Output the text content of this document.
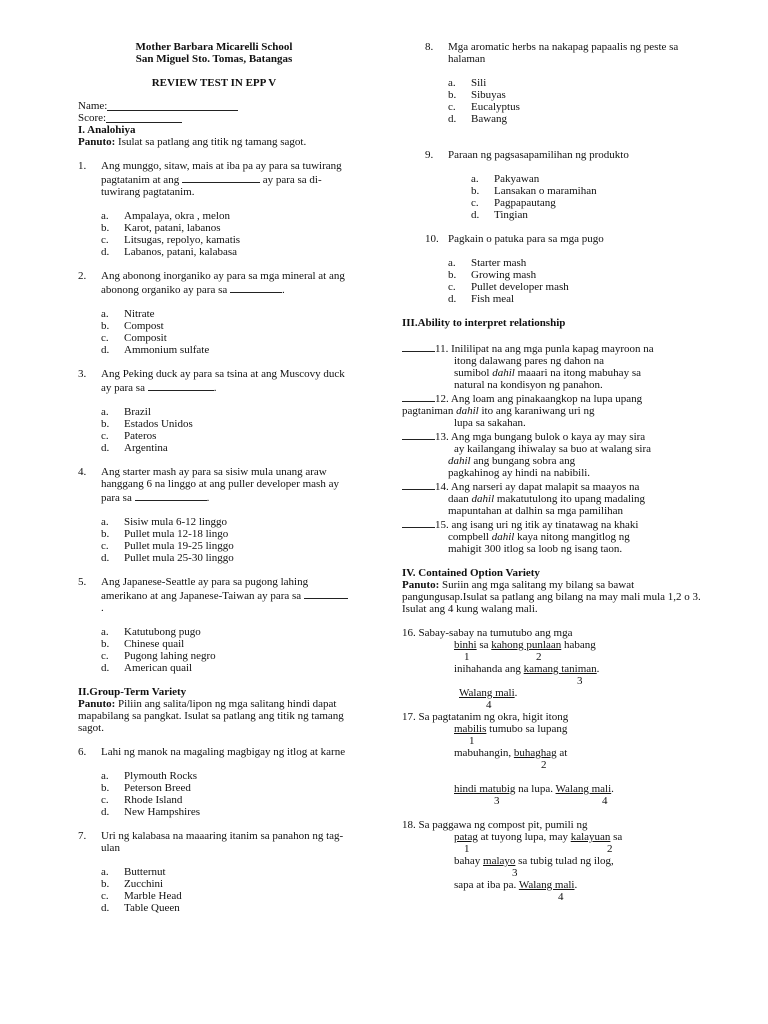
Mother Barbara Micarelli School
San Miguel Sto. Tomas, Batangas
REVIEW TEST IN EPP V
Name:
Score:
I. Analohiya
Panuto: Isulat sa patlang ang titik ng tamang sagot.
1. Ang munggo, sitaw, mais at iba pa ay para sa tuwirang pagtatanim at ang	ay para sa di-tuwirang pagtatanim.
Ampalaya, okra , melon
Karot, patani, labanos
Litsugas, repolyo, kamatis
Labanos, patani, kalabasa
2. Ang abonong inorganiko ay para sa mga mineral at ang abonong organiko ay para sa	.
Nitrate
Compost
Composit
Ammonium sulfate
3. Ang Peking duck ay para sa tsina at ang Muscovy duck ay para sa	.
Brazil
Estados Unidos
Pateros
Argentina
4. Ang starter mash ay para sa sisiw mula unang araw hanggang 6 na linggo at ang puller developer mash ay para sa	.
Sisiw mula 6-12 linggo
Pullet mula 12-18 lingo
Pullet mula 19-25 linggo
Pullet mula 25-30 linggo
5. Ang Japanese-Seattle ay para sa pugong lahing amerikano at ang Japanese-Taiwan ay para sa .
Katutubong pugo
Chinese quail
Pugong lahing negro
American quail
II.Group-Term Variety
Panuto: Piliin ang salita/lipon ng mga salitang hindi dapat mapabilang sa pangkat. Isulat sa patlang ang titik ng tamang sagot.
6. Lahi ng manok na magaling magbigay ng itlog at karne
Plymouth Rocks
Peterson Breed
Rhode Island
New Hampshires
7. Uri ng kalabasa na maaaring itanim sa panahon ng tag-ulan
Butternut
Zucchini
Marble Head
Table Queen
8. Mga aromatic herbs na nakapag papaalis ng peste sa halaman
Sili
Sibuyas
Eucalyptus
Bawang
9. Paraan ng pagsasapamilihan ng produkto
Pakyawan
Lansakan o maramihan
Pagpapautang
Tingian
10. Pagkain o patuka para sa mga pugo
Starter mash
Growing mash
Pullet developer mash
Fish meal
III.Ability to interpret relationship
11. Inililipat na ang mga punla kapag mayroon na
itong dalawang pares ng dahon na
sumibol dahil maaari na itong mabuhay sa
natural na kondisyon ng panahon.
12. Ang loam ang pinakaangkop na lupa upang
pagtaniman dahil ito ang karaniwang uri ng
lupa sa sakahan.
13. Ang mga bungang bulok o kaya ay may sira
ay kailangang ihiwalay sa buo at walang sira
dahil ang bungang sobra ang
pagkahinog ay hindi na nabibili.
14. Ang narseri ay dapat malapit sa maayos na
daan dahil makatutulong ito upang madaling
mapuntahan at dalhin sa mga pamilihan
15. ang isang uri ng itik ay tinatawag na khaki
compbell dahil kaya nitong mangitlog ng
mahigit 300 itlog sa loob ng isang taon.
IV. Contained Option Variety
Panuto: Suriin ang mga salitang my bilang sa bawat pangungusap.Isulat sa patlang ang bilang na may mali mula 1,2 o 3. Isulat ang 4 kung walang mali.
16. Sabay-sabay na tumutubo ang mga
binhi sa kahong punlaan habang
1	2
inihahanda ang kamang taniman.
3
Walang mali.
4
17. Sa pagtatanim ng okra, higit itong
mabilis tumubo sa lupang
1
mabuhangin, buhaghag at
2
hindi matubig na lupa. Walang mali.
3	4
18. Sa paggawa ng compost pit, pumili ng
patag at tuyong lupa, may kalayuan sa
1	2
bahay malayo sa tubig tulad ng ilog,
3
sapa at iba pa. Walang mali.
4
